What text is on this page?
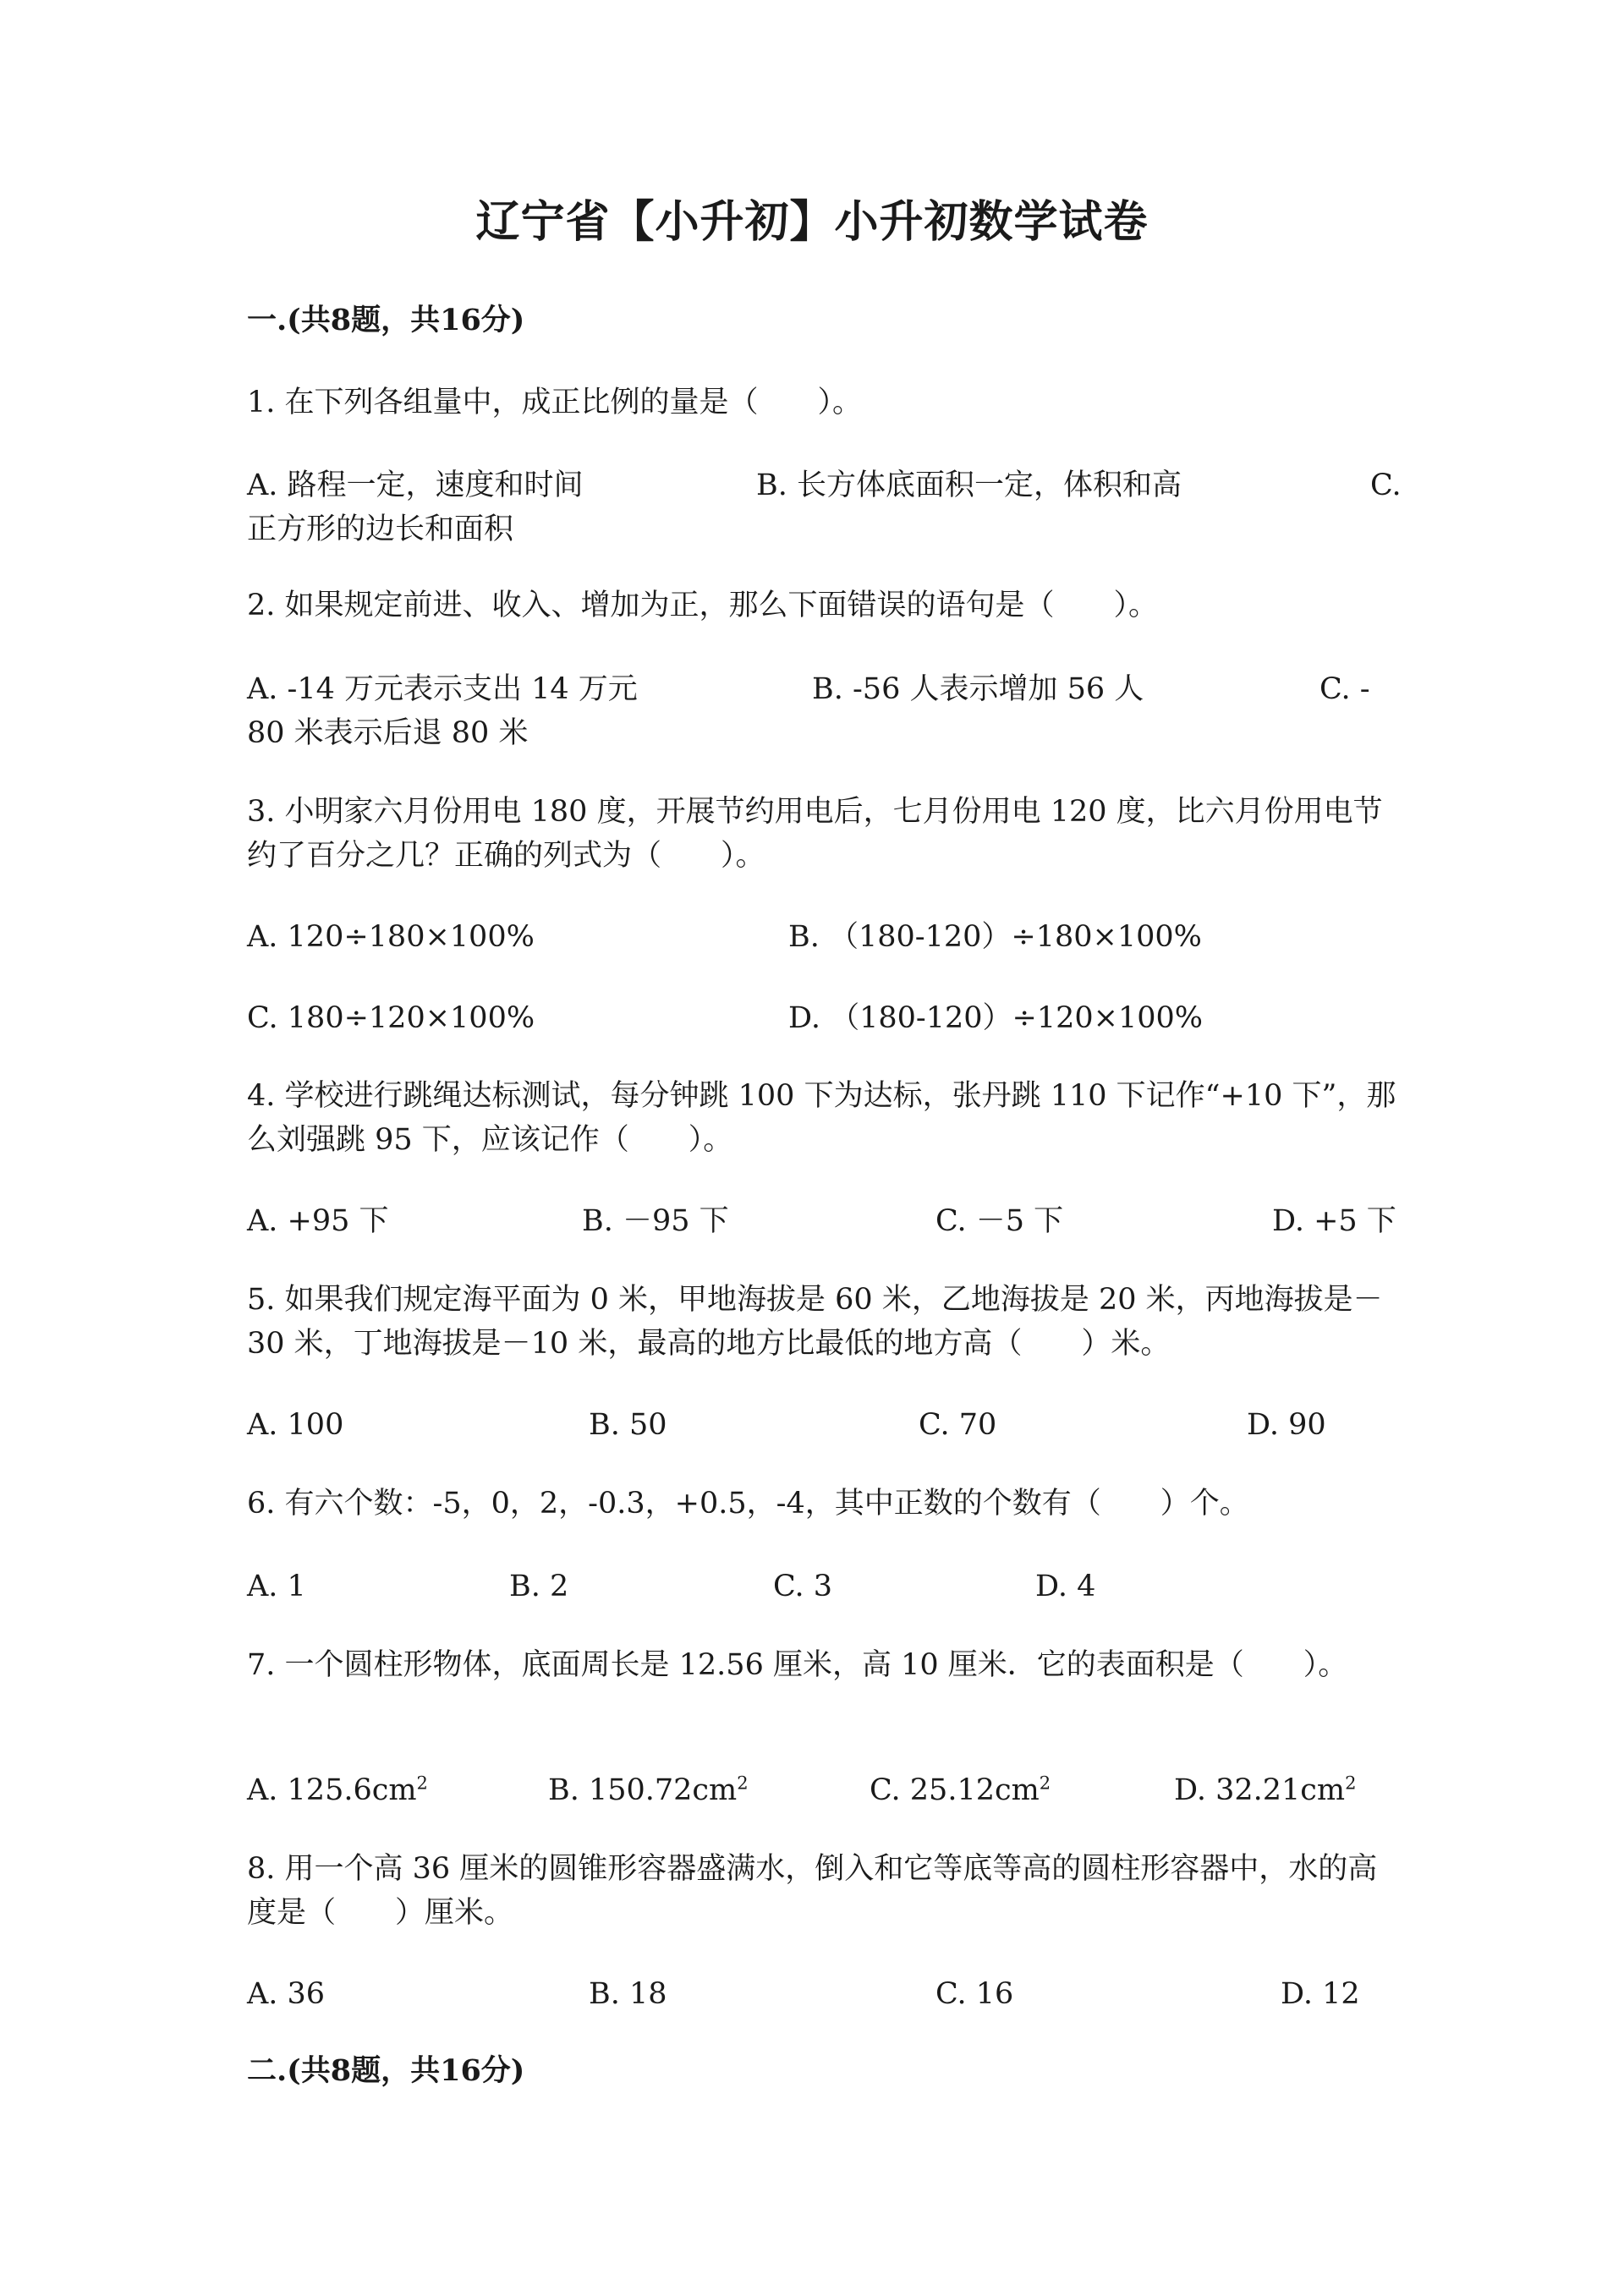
辽宁省【小升初】小升初数学试卷
一.(共8题，共16分)
1. 在下列各组量中，成正比例的量是（　　）。
A. 路程一定，速度和时间	B. 长方体底面积一定，体积和高	C.
正方形的边长和面积
2. 如果规定前进、收入、增加为正，那么下面错误的语句是（　　）。
A. -14 万元表示支出 14 万元	B. -56 人表示增加 56 人	C. -
80 米表示后退 80 米
3. 小明家六月份用电 180 度，开展节约用电后，七月份用电 120 度，比六月份用电节约了百分之几？正确的列式为（　　）。
A. 120÷180×100%	B. （180-120）÷180×100%
C. 180÷120×100%	D. （180-120）÷120×100%
4. 学校进行跳绳达标测试，每分钟跳 100 下为达标，张丹跳 110 下记作“+10 下”，那么刘强跳 95 下，应该记作（　　）。
A. +95 下	B. －95 下	C. －5 下	D. +5 下
5. 如果我们规定海平面为 0 米，甲地海拔是 60 米，乙地海拔是 20 米，丙地海拔是－30 米，丁地海拔是－10 米，最高的地方比最低的地方高（　　）米。
A. 100	B. 50	C. 70	D. 90
6. 有六个数：-5，0，2，-0.3，+0.5，-4，其中正数的个数有（　　）个。
A. 1	B. 2	C. 3	D. 4
7. 一个圆柱形物体，底面周长是 12.56 厘米，高 10 厘米．它的表面积是（　　）。
A. $125.6cm^2$	B. $150.72cm^2$	C. $25.12cm^2$	D. $32.21cm^2$
8. 用一个高 36 厘米的圆锥形容器盛满水，倒入和它等底等高的圆柱形容器中，水的高度是（　　）厘米。
A. 36	B. 18	C. 16	D. 12
二.(共8题，共16分)
